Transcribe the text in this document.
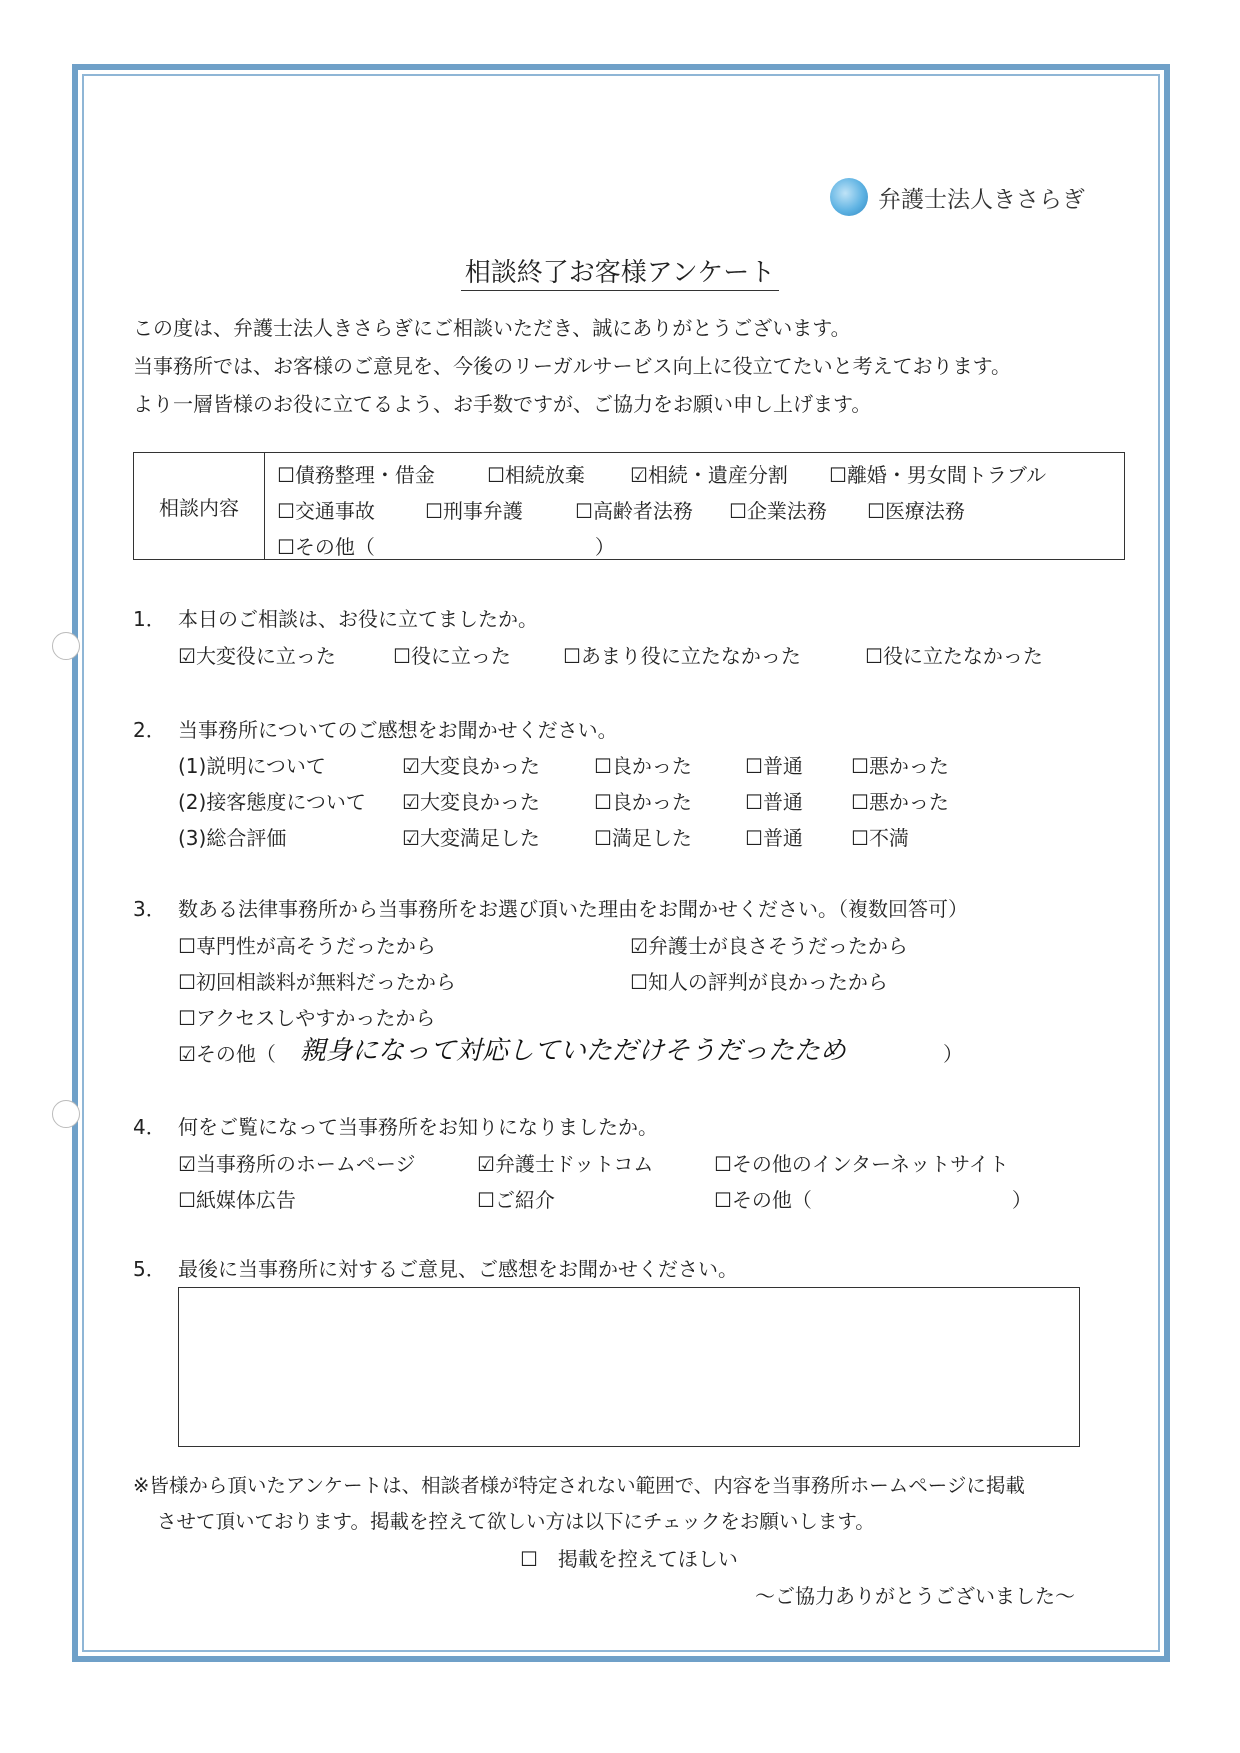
弁護士法人きさらぎ
相談終了お客様アンケート
この度は、弁護士法人きさらぎにご相談いただき、誠にありがとうございます。
当事務所では、お客様のご意見を、今後のリーガルサービス向上に役立てたいと考えております。
より一層皆様のお役に立てるよう、お手数ですが、ご協力をお願い申し上げます。
相談内容	
☐債務整理・借金	☐相続放棄 ☑相続・遺産分割 ☐離婚・男女間トラブル
☐交通事故	☐刑事弁護	☐高齢者法務 ☐企業法務 ☐医療法務
☐その他（　　　　　　　　　　　）
1． 本日のご相談は、お役に立てましたか。
☑大変役に立った	☐役に立った	☐あまり役に立たなかった	☐役に立たなかった
2． 当事務所についてのご感想をお聞かせください。
(1)説明について	☑大変良かった	☐良かった	☐普通 ☐悪かった
(2)接客態度について ☑大変良かった	☐良かった	☐普通 ☐悪かった
(3)総合評価	☑大変満足した	☐満足した	☐普通 ☐不満
3． 数ある法律事務所から当事務所をお選び頂いた理由をお聞かせください。（複数回答可）
☐専門性が高そうだったから	☑弁護士が良さそうだったから
☐初回相談料が無料だったから	☐知人の評判が良かったから
☐アクセスしやすかったから
☑その他（ 親身になって対応していただけそうだったため	）
4． 何をご覧になって当事務所をお知りになりましたか。
☑当事務所のホームページ	☑弁護士ドットコム	☐その他のインターネットサイト
☐紙媒体広告	☐ご紹介	☐その他（　　　　　　　　　　）
5． 最後に当事務所に対するご意見、ご感想をお聞かせください。
※皆様から頂いたアンケートは、相談者様が特定されない範囲で、内容を当事務所ホームページに掲載
させて頂いております。掲載を控えて欲しい方は以下にチェックをお願いします。
☐　掲載を控えてほしい
～ご協力ありがとうございました～
